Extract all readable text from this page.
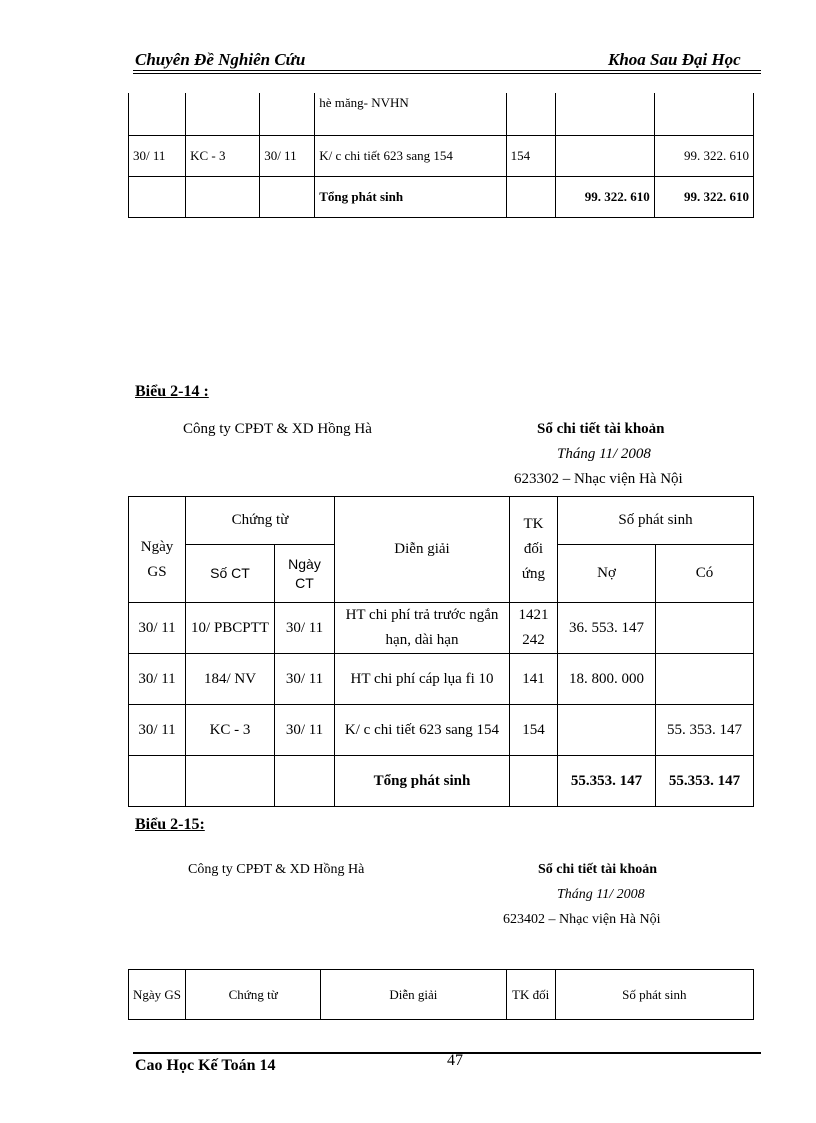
Chuyên Đề Nghiên Cứu	Khoa Sau Đại Học
			hè măng- NVHN			
30/ 11	KC - 3	30/ 11	K/ c chi tiết 623 sang 154	154		99. 322. 610
			Tổng phát sinh		99. 322. 610	99. 322. 610
Biểu 2-14 :
Công ty CPĐT & XD Hồng Hà	Sổ chi tiết tài khoản
Tháng 11/ 2008
623302 – Nhạc viện Hà Nội
Ngày GS	Chứng từ		Diễn giải	TK đối ứng	Số phát sinh	
	Số CT	Ngày CT			Nợ	Có
30/ 11	10/ PBCPTT	30/ 11	HT chi phí trả trước ngắn hạn, dài hạn	1421 242	36. 553. 147	
30/ 11	184/ NV	30/ 11	HT chi phí cáp lụa fi 10	141	18. 800. 000	
30/ 11	KC - 3	30/ 11	K/ c chi tiết 623 sang 154	154		55. 353. 147
			Tổng phát sinh		55.353. 147	55.353. 147
Biểu 2-15:
Công ty CPĐT & XD Hồng Hà	Sổ chi tiết tài khoản
Tháng 11/ 2008
623402 – Nhạc viện Hà Nội
Ngày GS	Chứng từ	Diễn giải	TK đối	Số phát sinh
Cao Học Kế Toán 14	47
